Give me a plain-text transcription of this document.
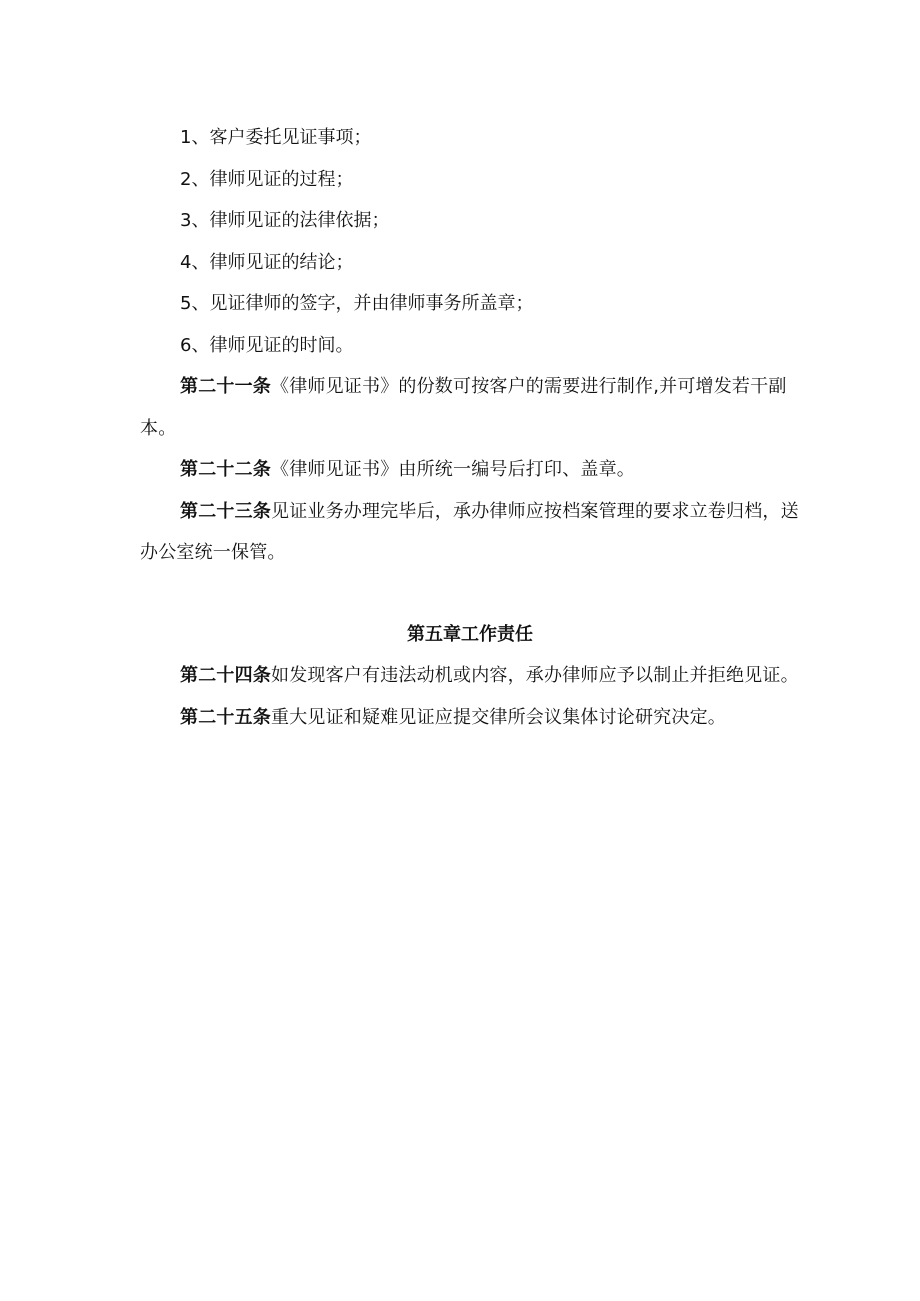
1、客户委托见证事项；
2、律师见证的过程；
3、律师见证的法律依据；
4、律师见证的结论；
5、见证律师的签字，并由律师事务所盖章；
6、律师见证的时间。

第二十一条《律师见证书》的份数可按客户的需要进行制作,并可增发若干副本。

第二十二条《律师见证书》由所统一编号后打印、盖章。

第二十三条见证业务办理完毕后，承办律师应按档案管理的要求立卷归档，送办公室统一保管。

第五章工作责任

第二十四条如发现客户有违法动机或内容，承办律师应予以制止并拒绝见证。

第二十五条重大见证和疑难见证应提交律所会议集体讨论研究决定。
